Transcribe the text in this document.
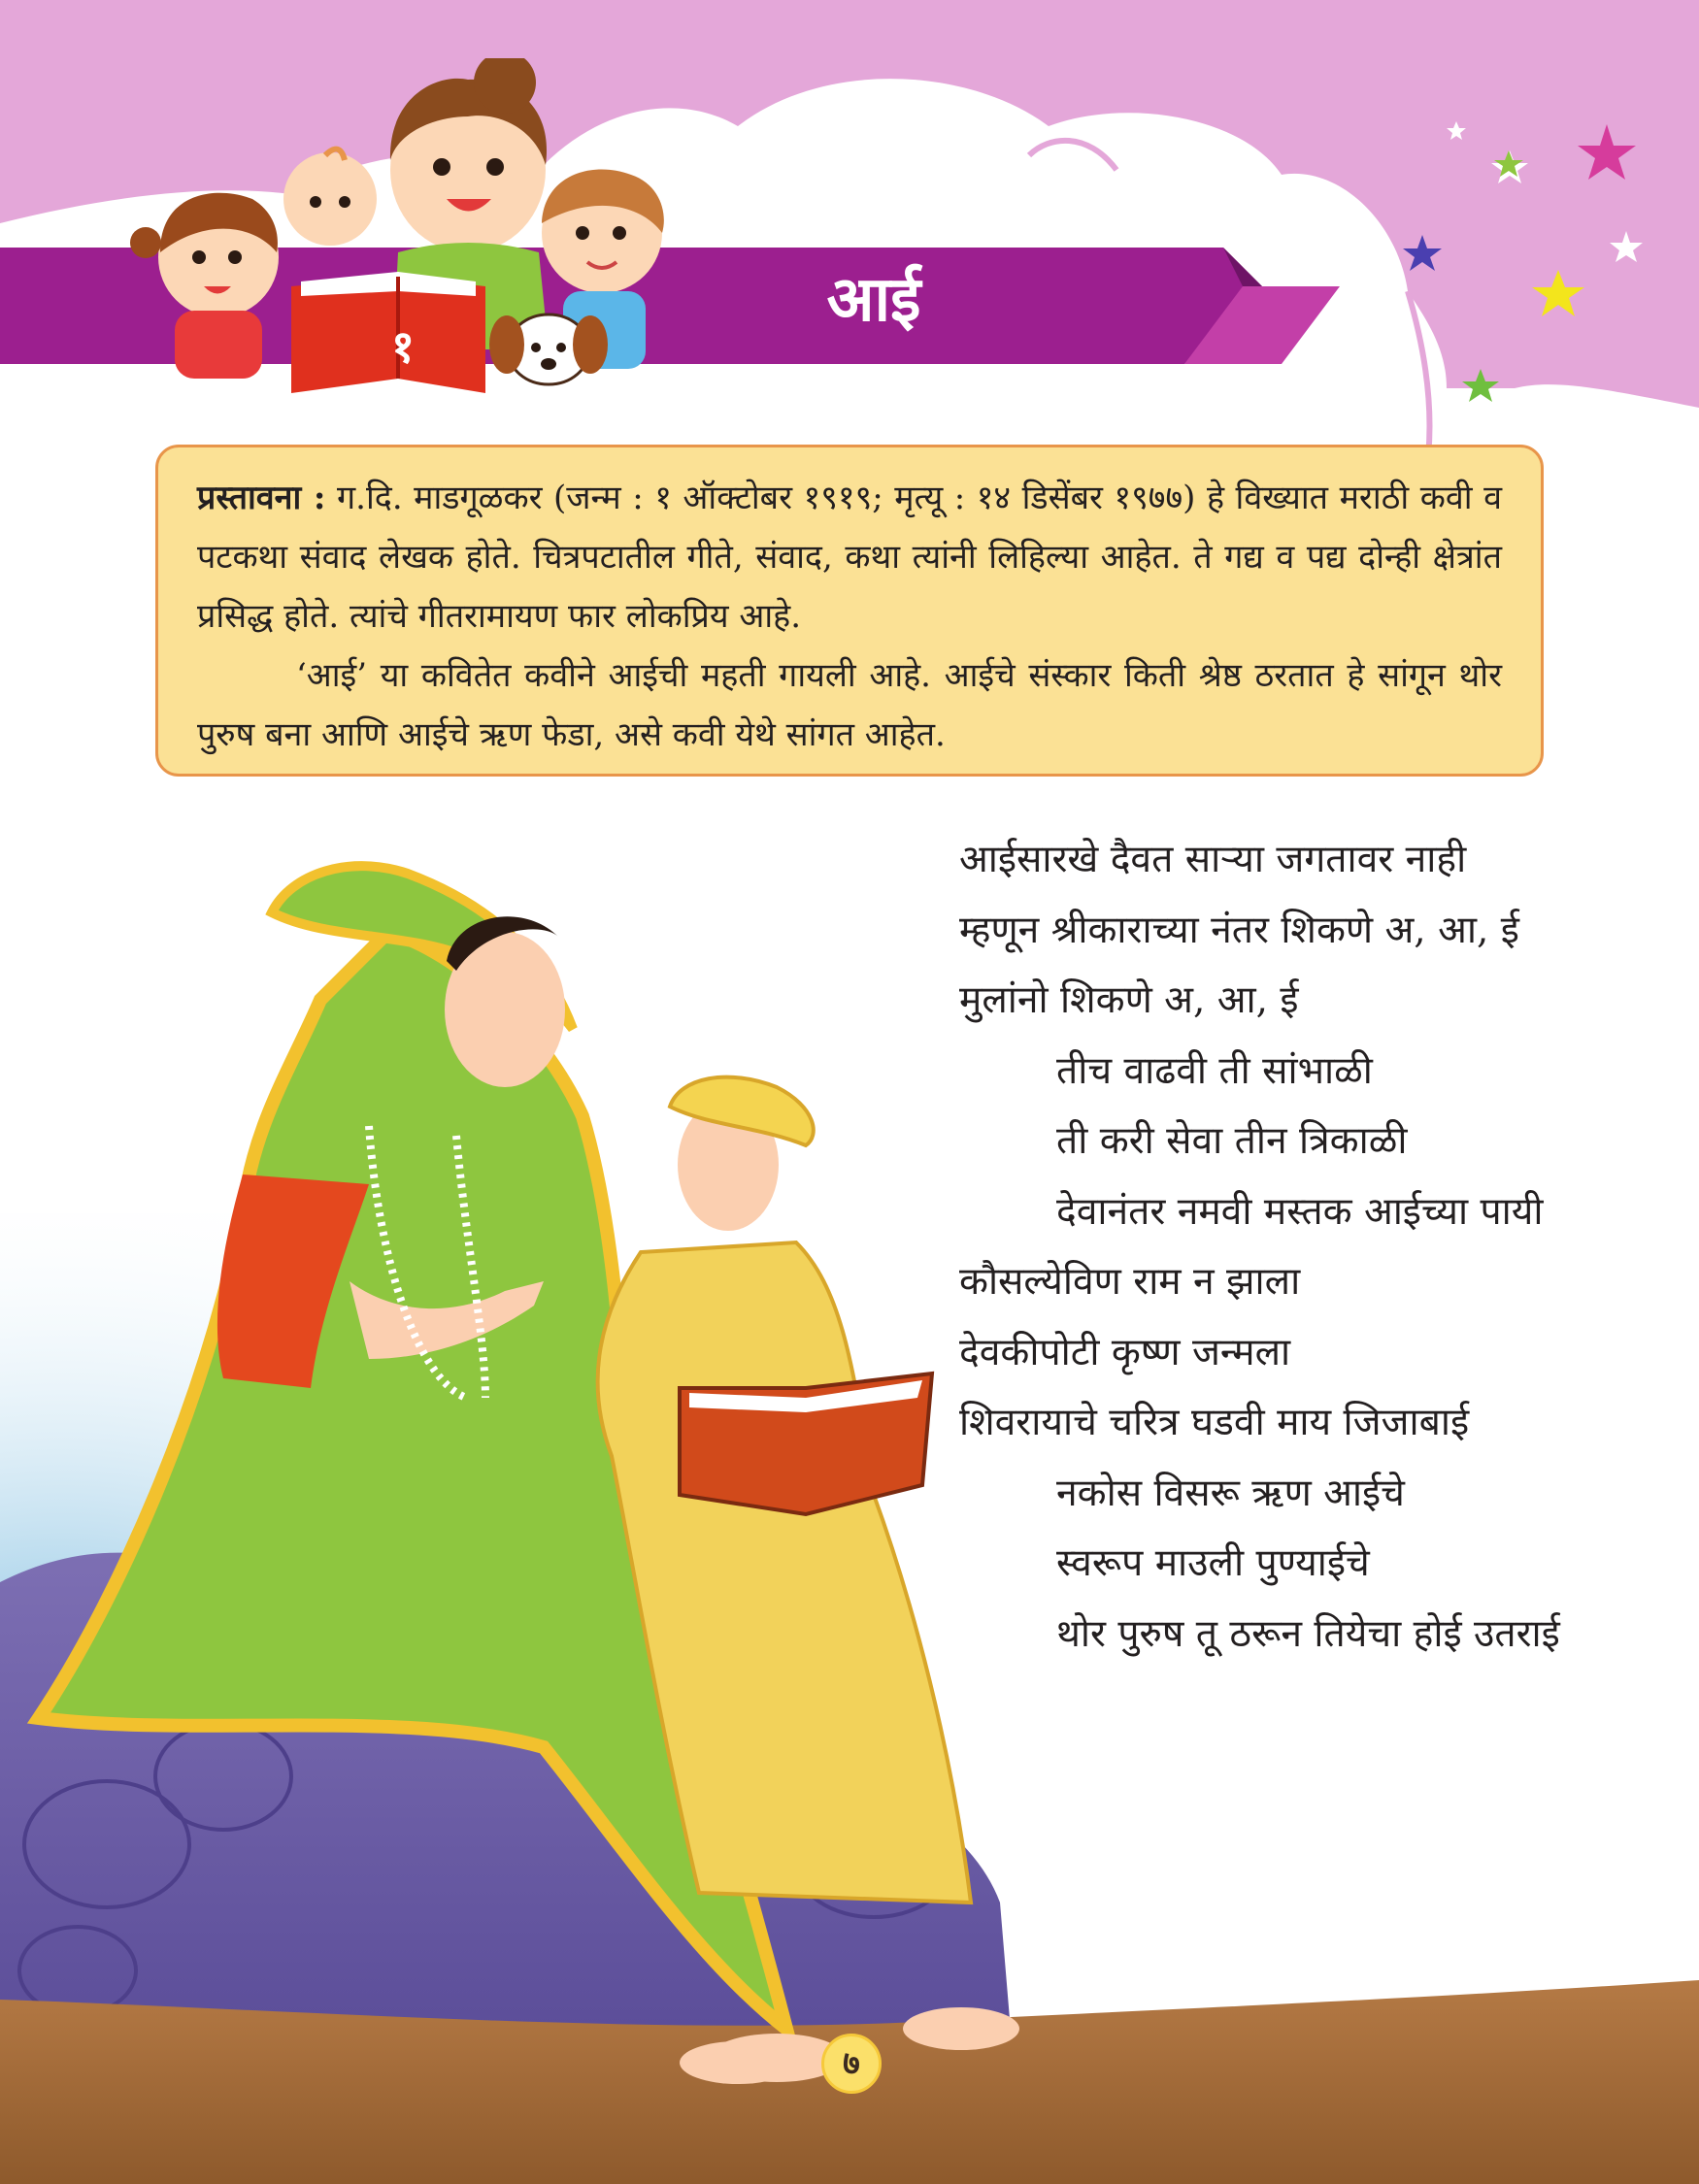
आई
१

प्रस्तावना : ग.दि. माडगूळकर (जन्म : १ ऑक्टोबर १९१९; मृत्यू : १४ डिसेंबर १९७७) हे विख्यात मराठी कवी व पटकथा संवाद लेखक होते. चित्रपटातील गीते, संवाद, कथा त्यांनी लिहिल्या आहेत. ते गद्य व पद्य दोन्ही क्षेत्रांत प्रसिद्ध होते. त्यांचे गीतरामायण फार लोकप्रिय आहे.

‘आई’ या कवितेत कवीने आईची महती गायली आहे. आईचे संस्कार किती श्रेष्ठ ठरतात हे सांगून थोर पुरुष बना आणि आईचे ऋण फेडा, असे कवी येथे सांगत आहेत.

आईसारखे दैवत साऱ्या जगतावर नाही
म्हणून श्रीकाराच्या नंतर शिकणे अ, आ, ई
मुलांनो शिकणे अ, आ, ई
तीच वाढवी ती सांभाळी
ती करी सेवा तीन त्रिकाळी
देवानंतर नमवी मस्तक आईच्या पायी
कौसल्येविण राम न झाला
देवकीपोटी कृष्ण जन्मला
शिवरायाचे चरित्र घडवी माय जिजाबाई
नकोस विसरू ऋण आईचे
स्वरूप माउली पुण्याईचे
थोर पुरुष तू ठरून तियेचा होई उतराई
७
